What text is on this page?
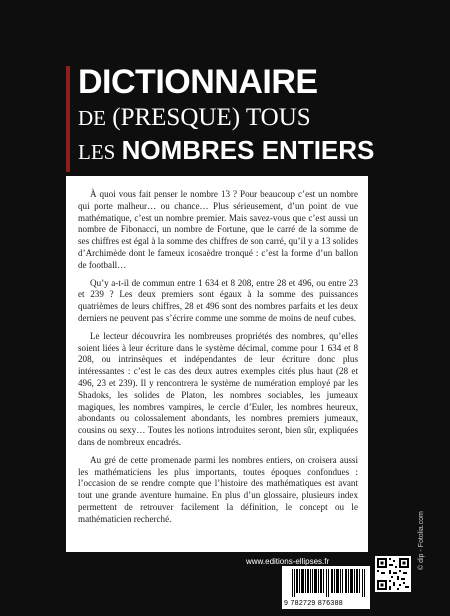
DICTIONNAIRE
DE (PRESQUE) TOUS
LES NOMBRES ENTIERS

À quoi vous fait penser le nombre 13 ? Pour beaucoup c’est un nombre qui porte malheur… ou chance… Plus sérieusement, d’un point de vue mathématique, c’est un nombre premier. Mais savez-vous que c’est aussi un nombre de Fibonacci, un nombre de Fortune, que le carré de la somme de ses chiffres est égal à la somme des chiffres de son carré, qu’il y a 13 solides d’Archimède dont le fameux icosaèdre tronqué : c’est la forme d’un ballon de football…

Qu’y a-t-il de commun entre 1 634 et 8 208, entre 28 et 496, ou entre 23 et 239 ? Les deux premiers sont égaux à la somme des puissances quatrièmes de leurs chiffres, 28 et 496 sont des nombres parfaits et les deux derniers ne peuvent pas s’écrire comme une somme de moins de neuf cubes.

Le lecteur découvrira les nombreuses propriétés des nombres, qu’elles soient liées à leur écriture dans le système décimal, comme pour 1 634 et 8 208, ou intrinsèques et indépendantes de leur écriture donc plus intéressantes : c’est le cas des deux autres exemples cités plus haut (28 et 496, 23 et 239). Il y rencontrera le système de numération employé par les Shadoks, les solides de Platon, les nombres sociables, les jumeaux magiques, les nombres vampires, le cercle d’Euler, les nombres heureux, abondants ou colossalement abondants, les nombres premiers jumeaux, cousins ou sexy… Toutes les notions introduites seront, bien sûr, expliquées dans de nombreux encadrés.

Au gré de cette promenade parmi les nombres entiers, on croisera aussi les mathématiciens les plus importants, toutes époques confondues : l’occasion de se rendre compte que l’histoire des mathématiques est avant tout une grande aventure humaine. En plus d’un glossaire, plusieurs index permettent de retrouver facilement la définition, le concept ou le mathématicien recherché.

www.editions-ellipses.fr
9 782729 876388
© dip - Fotolia.com
